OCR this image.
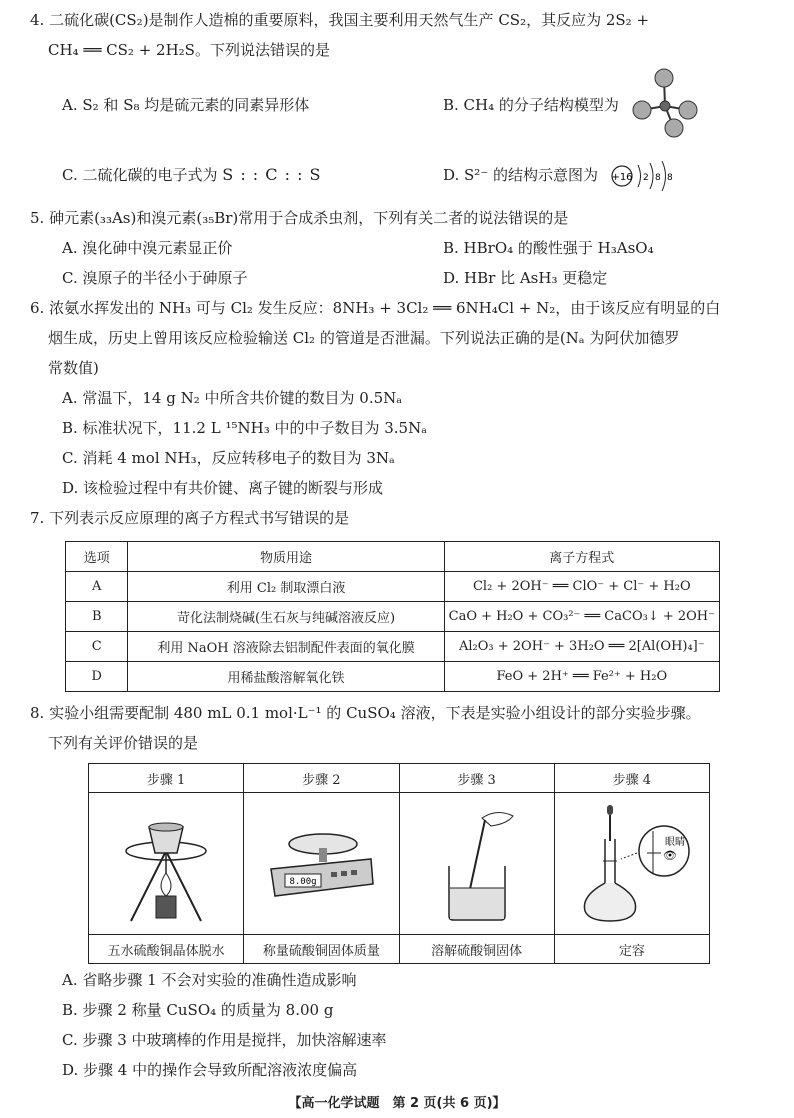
4. 二硫化碳(CS₂)是制作人造棉的重要原料，我国主要利用天然气生产 CS₂，其反应为 2S₂ +
CH₄ ══ CS₂ + 2H₂S。下列说法错误的是
A. S₂ 和 S₈ 均是硫元素的同素异形体	B. CH₄ 的分子结构模型为
C. 二硫化碳的电子式为 S : : C : : S	D. S²⁻ 的结构示意图为 +16 2 8 8
5. 砷元素(₃₃As)和溴元素(₃₅Br)常用于合成杀虫剂，下列有关二者的说法错误的是
A. 溴化砷中溴元素显正价	B. HBrO₄ 的酸性强于 H₃AsO₄
C. 溴原子的半径小于砷原子	D. HBr 比 AsH₃ 更稳定
6. 浓氨水挥发出的 NH₃ 可与 Cl₂ 发生反应：8NH₃ + 3Cl₂ ══ 6NH₄Cl + N₂，由于该反应有明显的白
烟生成，历史上曾用该反应检验输送 Cl₂ 的管道是否泄漏。下列说法正确的是(Nₐ 为阿伏加德罗
常数值)
A. 常温下，14 g N₂ 中所含共价键的数目为 0.5Nₐ
B. 标准状况下，11.2 L ¹⁵NH₃ 中的中子数目为 3.5Nₐ
C. 消耗 4 mol NH₃，反应转移电子的数目为 3Nₐ
D. 该检验过程中有共价键、离子键的断裂与形成
7. 下列表示反应原理的离子方程式书写错误的是
选项	物质用途	离子方程式
A	利用 Cl₂ 制取漂白液	Cl₂ + 2OH⁻ ══ ClO⁻ + Cl⁻ + H₂O
B	苛化法制烧碱(生石灰与纯碱溶液反应)	CaO + H₂O + CO₃²⁻ ══ CaCO₃↓ + 2OH⁻
C	利用 NaOH 溶液除去铝制配件表面的氧化膜	Al₂O₃ + 2OH⁻ + 3H₂O ══ 2[Al(OH)₄]⁻
D	用稀盐酸溶解氧化铁	FeO + 2H⁺ ══ Fe²⁺ + H₂O
8. 实验小组需要配制 480 mL 0.1 mol·L⁻¹ 的 CuSO₄ 溶液，下表是实验小组设计的部分实验步骤。
下列有关评价错误的是
步骤 1	步骤 2	步骤 3	步骤 4

8.00g		眼睛
👁

五水硫酸铜晶体脱水	称量硫酸铜固体质量	溶解硫酸铜固体	定容
A. 省略步骤 1 不会对实验的准确性造成影响
B. 步骤 2 称量 CuSO₄ 的质量为 8.00 g
C. 步骤 3 中玻璃棒的作用是搅拌，加快溶解速率
D. 步骤 4 中的操作会导致所配溶液浓度偏高
【高一化学试题　第 2 页(共 6 页)】
